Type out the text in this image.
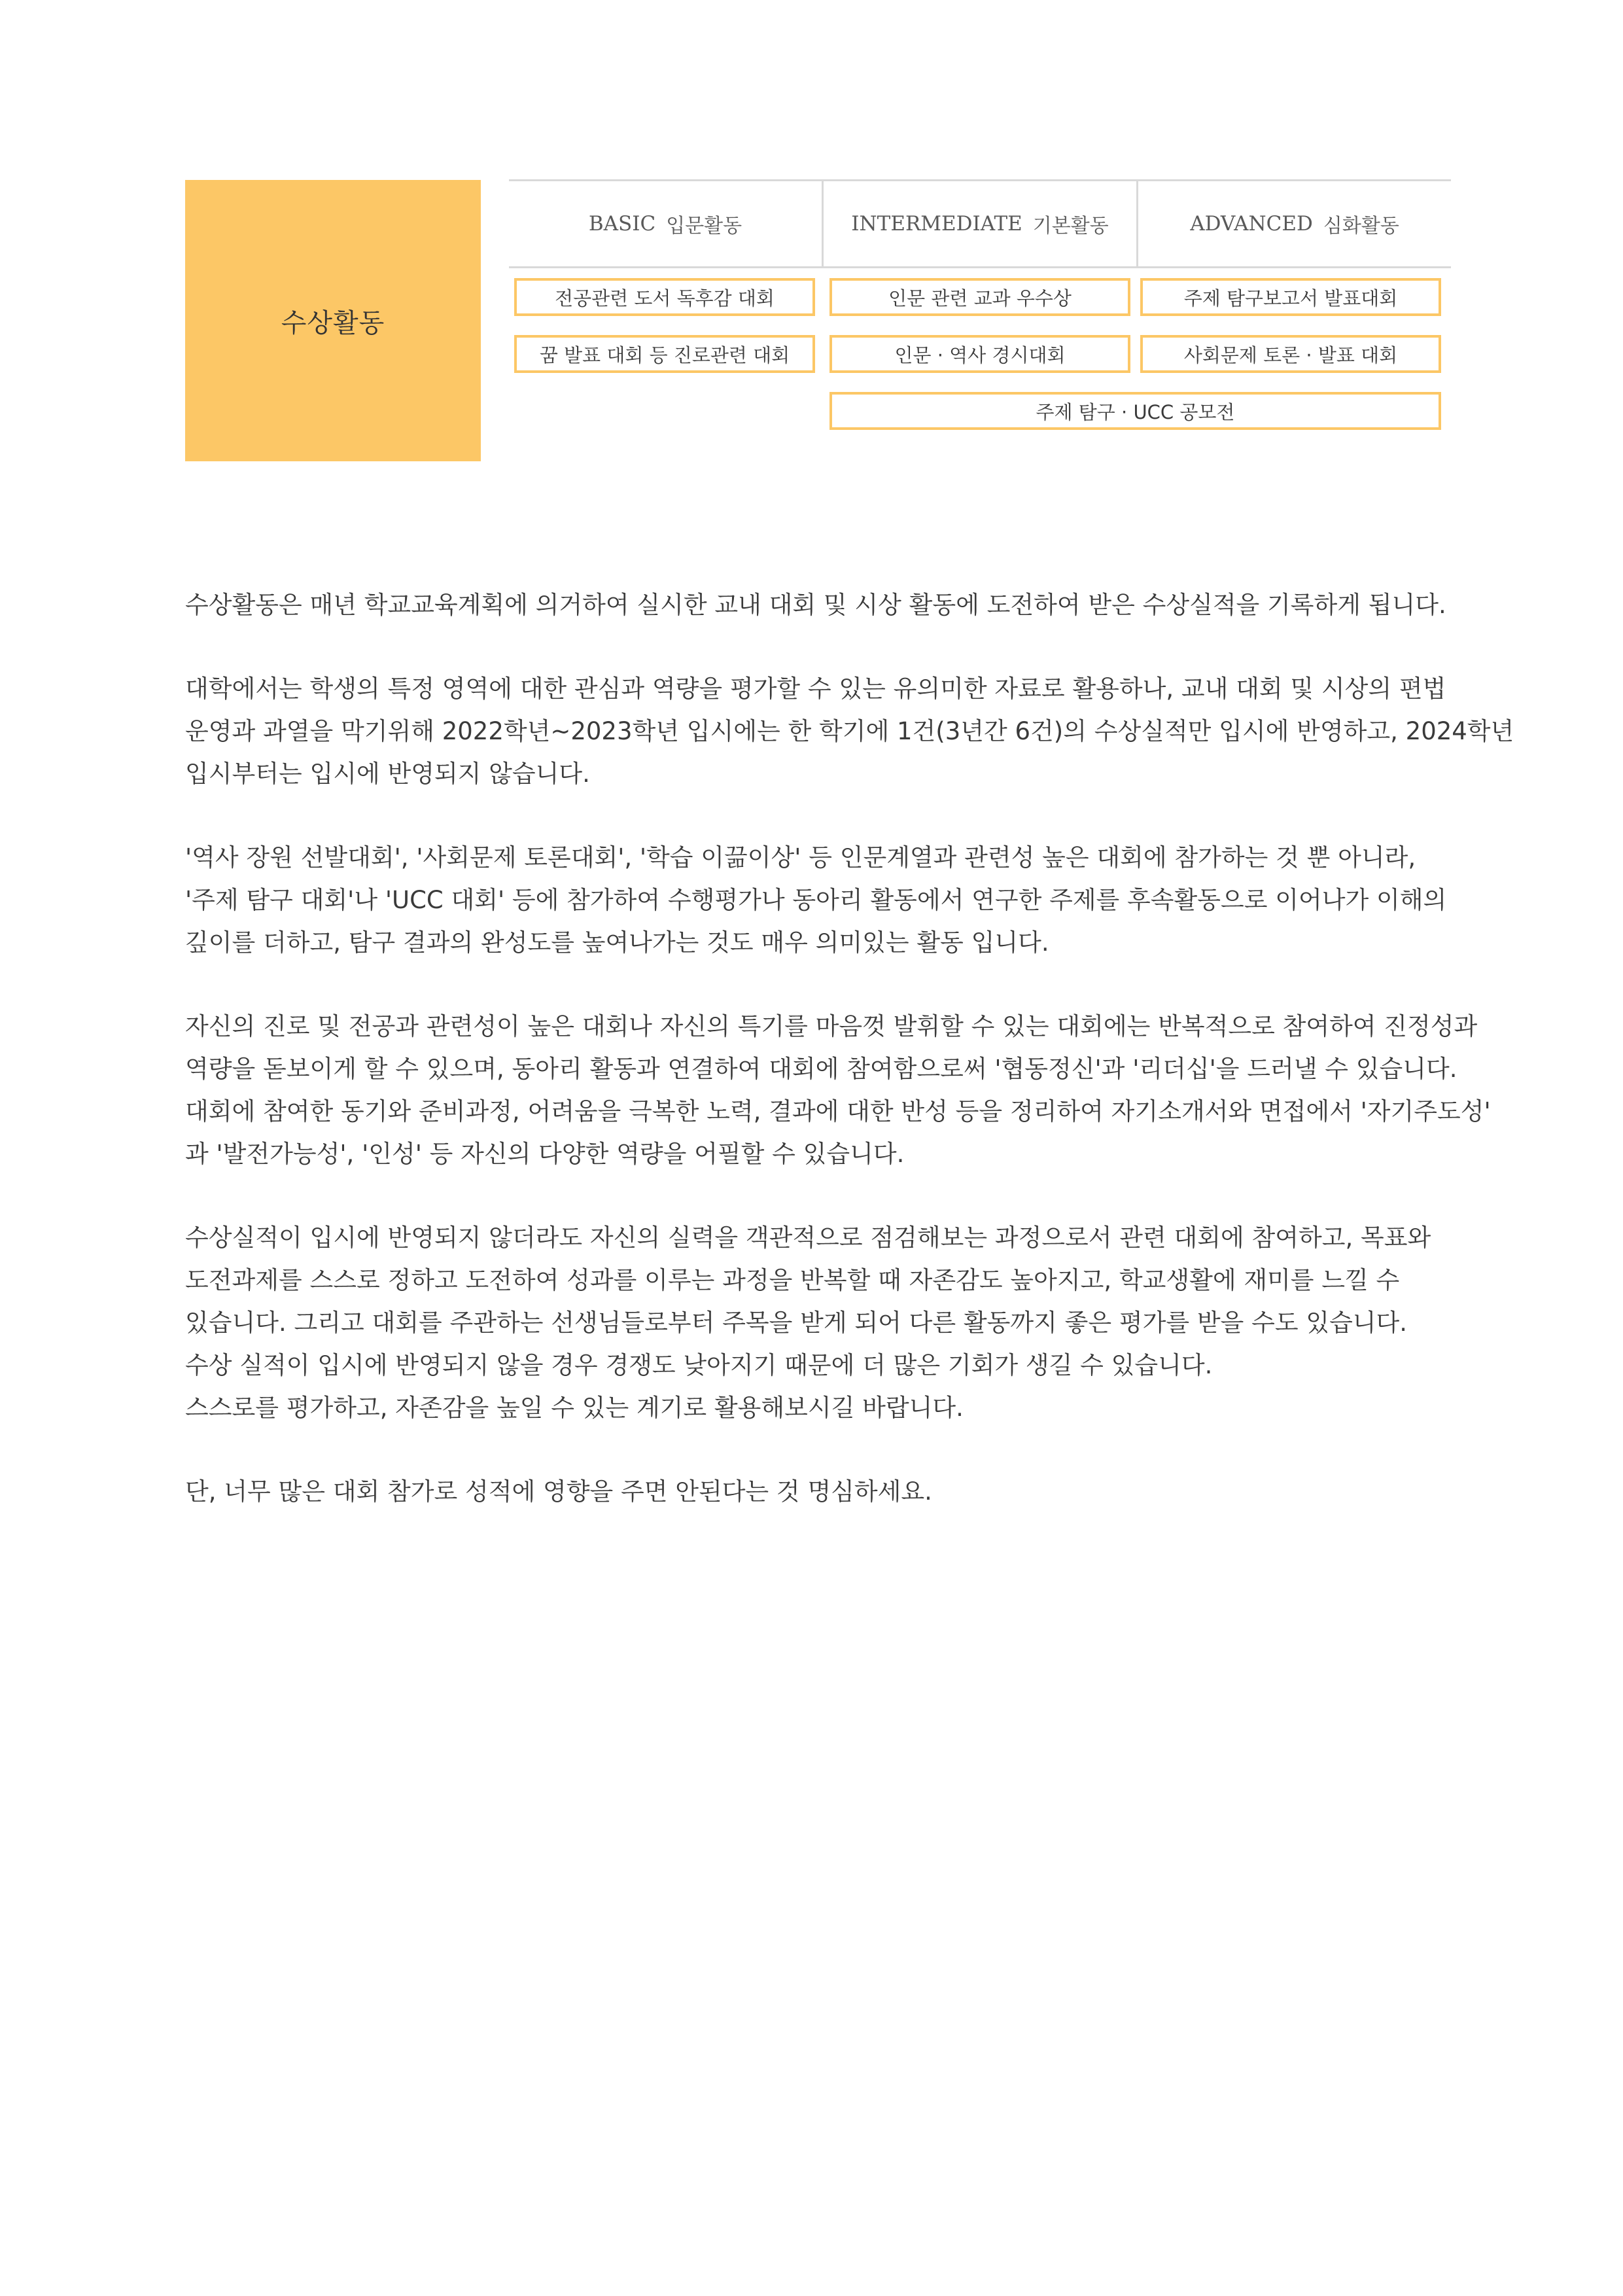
수상활동
BASIC 입문활동	INTERMEDIATE 기본활동	ADVANCED 심화활동
전공관련 도서 독후감 대회
꿈 발표 대회 등 진로관련 대회
인문 관련 교과 우수상
인문 · 역사 경시대회
주제 탐구보고서 발표대회
사회문제 토론 · 발표 대회
주제 탐구 · UCC 공모전

수상활동은 매년 학교교육계획에 의거하여 실시한 교내 대회 및 시상 활동에 도전하여 받은 수상실적을 기록하게 됩니다.

대학에서는 학생의 특정 영역에 대한 관심과 역량을 평가할 수 있는 유의미한 자료로 활용하나, 교내 대회 및 시상의 편법
운영과 과열을 막기위해 2022학년~2023학년 입시에는 한 학기에 1건(3년간 6건)의 수상실적만 입시에 반영하고, 2024학년
입시부터는 입시에 반영되지 않습니다.

'역사 장원 선발대회', '사회문제 토론대회', '학습 이끎이상' 등 인문계열과 관련성 높은 대회에 참가하는 것 뿐 아니라,
'주제 탐구 대회'나 'UCC 대회' 등에 참가하여 수행평가나 동아리 활동에서 연구한 주제를 후속활동으로 이어나가 이해의
깊이를 더하고, 탐구 결과의 완성도를 높여나가는 것도 매우 의미있는 활동 입니다.

자신의 진로 및 전공과 관련성이 높은 대회나 자신의 특기를 마음껏 발휘할 수 있는 대회에는 반복적으로 참여하여 진정성과
역량을 돋보이게 할 수 있으며, 동아리 활동과 연결하여 대회에 참여함으로써 '협동정신'과 '리더십'을 드러낼 수 있습니다.
대회에 참여한 동기와 준비과정, 어려움을 극복한 노력, 결과에 대한 반성 등을 정리하여 자기소개서와 면접에서 '자기주도성'
과 '발전가능성', '인성' 등 자신의 다양한 역량을 어필할 수 있습니다.

수상실적이 입시에 반영되지 않더라도 자신의 실력을 객관적으로 점검해보는 과정으로서 관련 대회에 참여하고, 목표와
도전과제를 스스로 정하고 도전하여 성과를 이루는 과정을 반복할 때 자존감도 높아지고, 학교생활에 재미를 느낄 수
있습니다. 그리고 대회를 주관하는 선생님들로부터 주목을 받게 되어 다른 활동까지 좋은 평가를 받을 수도 있습니다.
수상 실적이 입시에 반영되지 않을 경우 경쟁도 낮아지기 때문에 더 많은 기회가 생길 수 있습니다.
스스로를 평가하고, 자존감을 높일 수 있는 계기로 활용해보시길 바랍니다.

단, 너무 많은 대회 참가로 성적에 영향을 주면 안된다는 것 명심하세요.
